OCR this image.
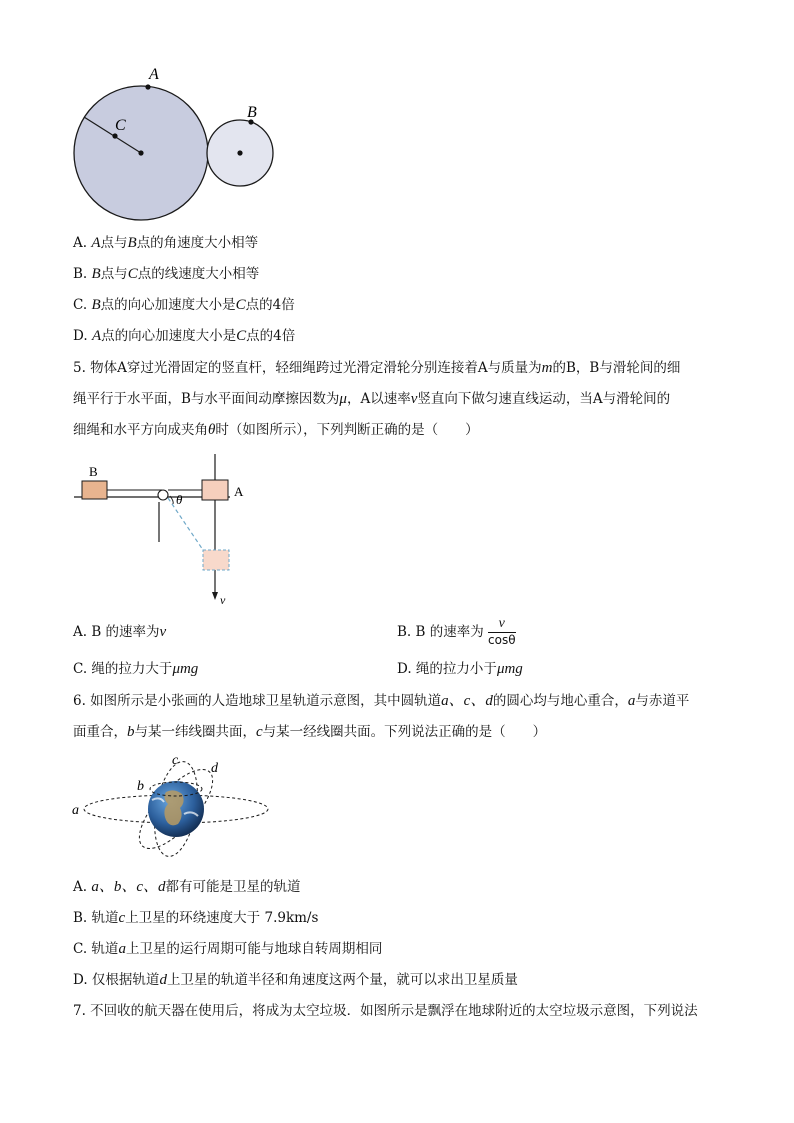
A
B
C
A. A点与B点的角速度大小相等
B. B点与C点的线速度大小相等
C. B点的向心加速度大小是C点的4倍
D. A点的向心加速度大小是C点的4倍
5. 物体A穿过光滑固定的竖直杆，轻细绳跨过光滑定滑轮分别连接着A与质量为m的B，B与滑轮间的细
绳平行于水平面，B与水平面间动摩擦因数为μ，A以速率v竖直向下做匀速直线运动，当A与滑轮间的
细绳和水平方向成夹角θ时（如图所示），下列判断正确的是（　　）
B
A
θ
v
A. B 的速率为v	B. B 的速率为 $\frac{v}{\cos\theta}$
C. 绳的拉力大于μmg	D. 绳的拉力小于μmg
6. 如图所示是小张画的人造地球卫星轨道示意图，其中圆轨道a、c、d的圆心均与地心重合，a与赤道平
面重合，b与某一纬线圈共面，c与某一经线圈共面。下列说法正确的是（　　）
a
b
c
d
A. a、b、c、d都有可能是卫星的轨道
B. 轨道c上卫星的环绕速度大于 7.9km/s
C. 轨道a上卫星的运行周期可能与地球自转周期相同
D. 仅根据轨道d上卫星的轨道半径和角速度这两个量，就可以求出卫星质量
7. 不回收的航天器在使用后，将成为太空垃圾．如图所示是飘浮在地球附近的太空垃圾示意图，下列说法
